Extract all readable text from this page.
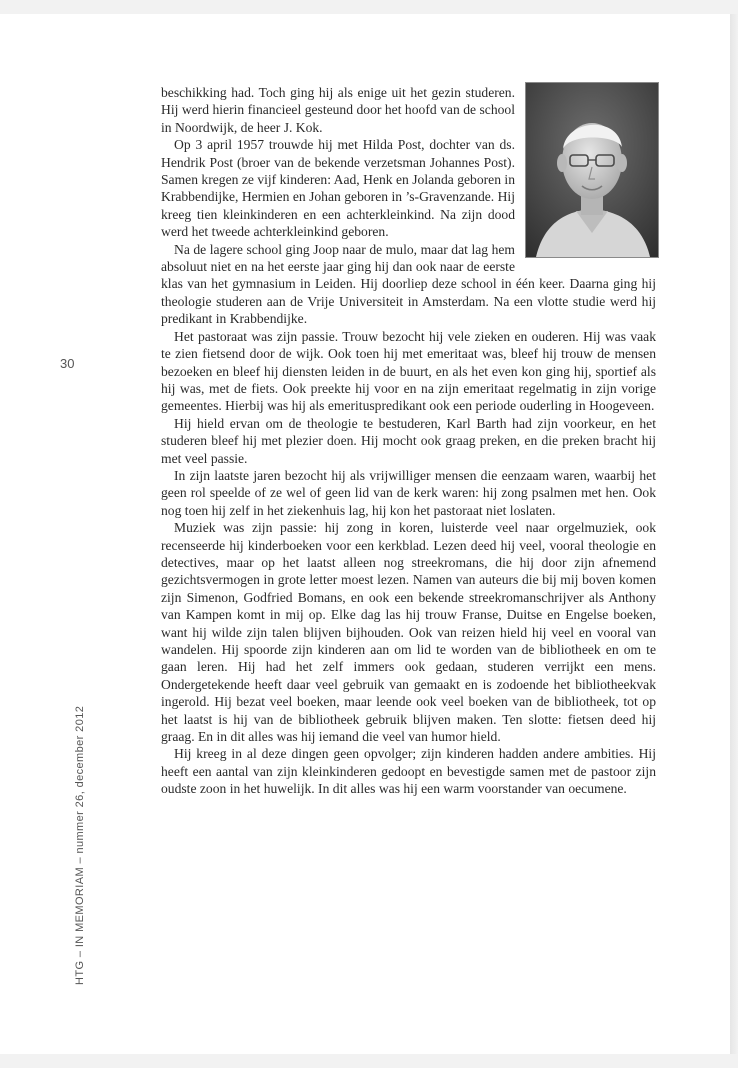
30
HTG – IN MEMORIAM – nummer 26, december 2012

beschikking had. Toch ging hij als enige uit het gezin studeren. Hij werd hierin financieel gesteund door het hoofd van de school in Noordwijk, de heer J. Kok.

Op 3 april 1957 trouwde hij met Hilda Post, dochter van ds. Hendrik Post (broer van de bekende verzetsman Johannes Post). Samen kregen ze vijf kinderen: Aad, Henk en Jolanda geboren in Krabbendijke, Hermien en Johan geboren in ’s-Gravenzande. Hij kreeg tien kleinkinderen en een achterkleinkind. Na zijn dood werd het tweede achterkleinkind geboren.

Na de lagere school ging Joop naar de mulo, maar dat lag hem absoluut niet en na het eerste jaar ging hij dan ook naar de eerste klas van het gymnasium in Leiden. Hij doorliep deze school in één keer. Daarna ging hij theologie studeren aan de Vrije Universiteit in Amsterdam. Na een vlotte studie werd hij predikant in Krabbendijke.

Het pastoraat was zijn passie. Trouw bezocht hij vele zieken en ouderen. Hij was vaak te zien fietsend door de wijk. Ook toen hij met emeritaat was, bleef hij trouw de mensen bezoeken en bleef hij diensten leiden in de buurt, en als het even kon ging hij, sportief als hij was, met de fiets. Ook preekte hij voor en na zijn emeritaat regelmatig in zijn vorige gemeentes. Hierbij was hij als emerituspredikant ook een periode ouderling in Hoogeveen.

Hij hield ervan om de theologie te bestuderen, Karl Barth had zijn voorkeur, en het studeren bleef hij met plezier doen. Hij mocht ook graag preken, en die preken bracht hij met veel passie.

In zijn laatste jaren bezocht hij als vrijwilliger mensen die eenzaam waren, waarbij het geen rol speelde of ze wel of geen lid van de kerk waren: hij zong psalmen met hen. Ook nog toen hij zelf in het ziekenhuis lag, hij kon het pastoraat niet loslaten.

Muziek was zijn passie: hij zong in koren, luisterde veel naar orgelmuziek, ook recenseerde hij kinderboeken voor een kerkblad. Lezen deed hij veel, vooral theologie en detectives, maar op het laatst alleen nog streekromans, die hij door zijn afnemend gezichtsvermogen in grote letter moest lezen. Namen van auteurs die bij mij boven komen zijn Simenon, Godfried Bomans, en ook een bekende streekromanschrijver als Anthony van Kampen komt in mij op. Elke dag las hij trouw Franse, Duitse en Engelse boeken, want hij wilde zijn talen blijven bijhouden. Ook van reizen hield hij veel en vooral van wandelen. Hij spoorde zijn kinderen aan om lid te worden van de bibliotheek en om te gaan leren. Hij had het zelf immers ook gedaan, studeren verrijkt een mens. Ondergetekende heeft daar veel gebruik van gemaakt en is zodoende het bibliotheekvak ingerold. Hij bezat veel boeken, maar leende ook veel boeken van de bibliotheek, tot op het laatst is hij van de bibliotheek gebruik blijven maken. Ten slotte: fietsen deed hij graag. En in dit alles was hij iemand die veel van humor hield.

Hij kreeg in al deze dingen geen opvolger; zijn kinderen hadden andere ambities. Hij heeft een aantal van zijn kleinkinderen gedoopt en bevestigde samen met de pastoor zijn oudste zoon in het huwelijk. In dit alles was hij een warm voorstander van oecumene.
